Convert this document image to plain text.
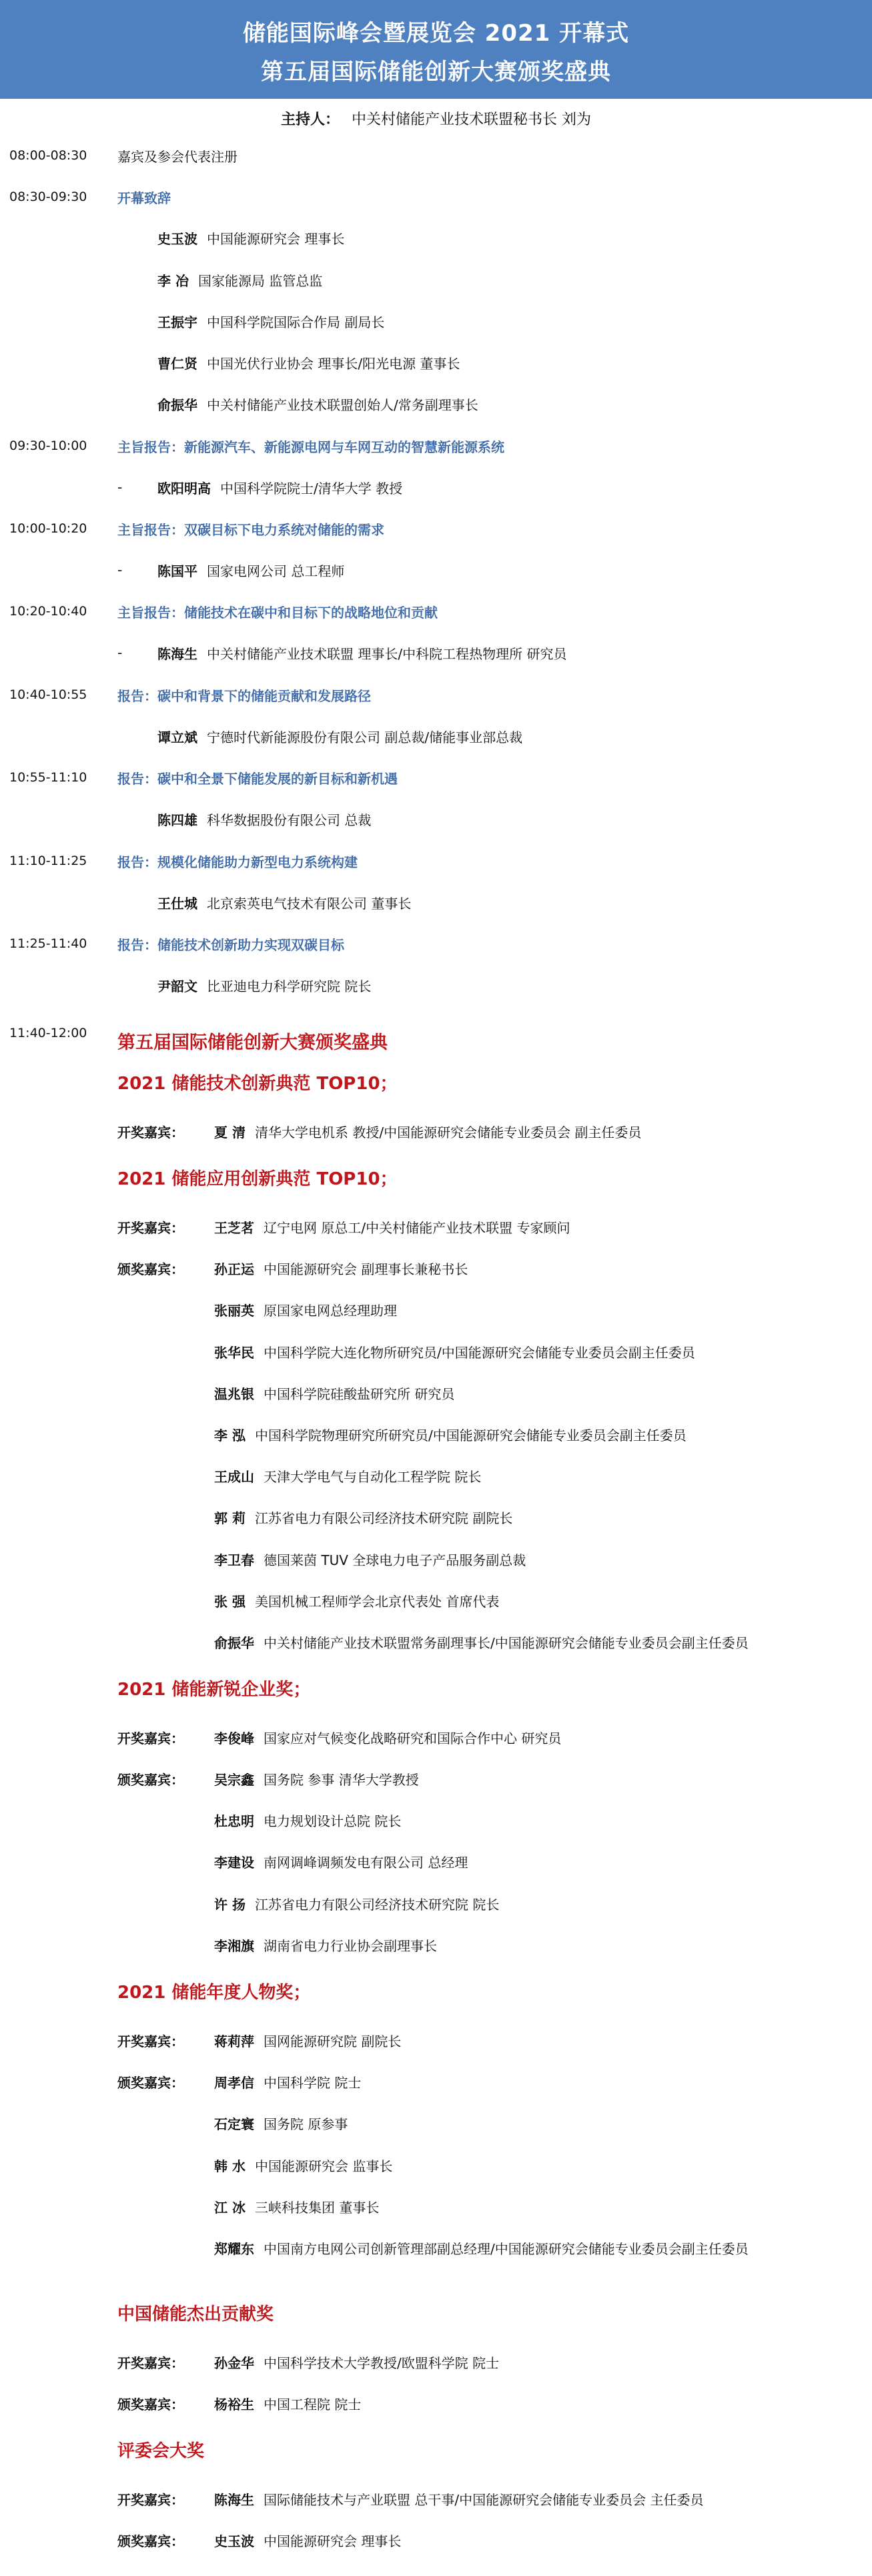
储能国际峰会暨展览会 2021 开幕式
第五届国际储能创新大赛颁奖盛典
主持人： 中关村储能产业技术联盟秘书长 刘为
08:00-08:30 嘉宾及参会代表注册
08:30-09:30 开幕致辞
史玉波 中国能源研究会 理事长
李 冶 国家能源局 监管总监
王振宇 中国科学院国际合作局 副局长
曹仁贤 中国光伏行业协会 理事长/阳光电源 董事长
俞振华 中关村储能产业技术联盟创始人/常务副理事长
09:30-10:00 主旨报告：新能源汽车、新能源电网与车网互动的智慧新能源系统
-	欧阳明高 中国科学院院士/清华大学 教授
10:00-10:20 主旨报告：双碳目标下电力系统对储能的需求
-	陈国平 国家电网公司 总工程师
10:20-10:40 主旨报告：储能技术在碳中和目标下的战略地位和贡献
-	陈海生 中关村储能产业技术联盟 理事长/中科院工程热物理所 研究员
10:40-10:55 报告：碳中和背景下的储能贡献和发展路径
谭立斌 宁德时代新能源股份有限公司 副总裁/储能事业部总裁
10:55-11:10 报告：碳中和全景下储能发展的新目标和新机遇
陈四雄 科华数据股份有限公司 总裁
11:10-11:25 报告：规模化储能助力新型电力系统构建
王仕城 北京索英电气技术有限公司 董事长
11:25-11:40 报告：储能技术创新助力实现双碳目标
尹韶文 比亚迪电力科学研究院 院长
11:40-12:00 第五届国际储能创新大赛颁奖盛典
2021 储能技术创新典范 TOP10；
开奖嘉宾：	夏 清 清华大学电机系 教授/中国能源研究会储能专业委员会 副主任委员
2021 储能应用创新典范 TOP10；
开奖嘉宾：	王芝茗 辽宁电网 原总工/中关村储能产业技术联盟 专家顾问
颁奖嘉宾：	孙正运 中国能源研究会 副理事长兼秘书长
张丽英 原国家电网总经理助理
张华民 中国科学院大连化物所研究员/中国能源研究会储能专业委员会副主任委员
温兆银 中国科学院硅酸盐研究所 研究员
李 泓 中国科学院物理研究所研究员/中国能源研究会储能专业委员会副主任委员
王成山 天津大学电气与自动化工程学院 院长
郭 莉 江苏省电力有限公司经济技术研究院 副院长
李卫春 德国莱茵 TUV 全球电力电子产品服务副总裁
张 强 美国机械工程师学会北京代表处 首席代表
俞振华 中关村储能产业技术联盟常务副理事长/中国能源研究会储能专业委员会副主任委员
2021 储能新锐企业奖；
开奖嘉宾：	李俊峰 国家应对气候变化战略研究和国际合作中心 研究员
颁奖嘉宾：	吴宗鑫 国务院 参事 清华大学教授
杜忠明 电力规划设计总院 院长
李建设 南网调峰调频发电有限公司 总经理
许 扬 江苏省电力有限公司经济技术研究院 院长
李湘旗 湖南省电力行业协会副理事长
2021 储能年度人物奖；
开奖嘉宾：	蒋莉萍 国网能源研究院 副院长
颁奖嘉宾：	周孝信 中国科学院 院士
石定寰 国务院 原参事
韩 水 中国能源研究会 监事长
江 冰 三峡科技集团 董事长
郑耀东 中国南方电网公司创新管理部副总经理/中国能源研究会储能专业委员会副主任委员
中国储能杰出贡献奖
开奖嘉宾：	孙金华 中国科学技术大学教授/欧盟科学院 院士
颁奖嘉宾：	杨裕生 中国工程院 院士
评委会大奖
开奖嘉宾：	陈海生 国际储能技术与产业联盟 总干事/中国能源研究会储能专业委员会 主任委员
颁奖嘉宾：	史玉波 中国能源研究会 理事长
